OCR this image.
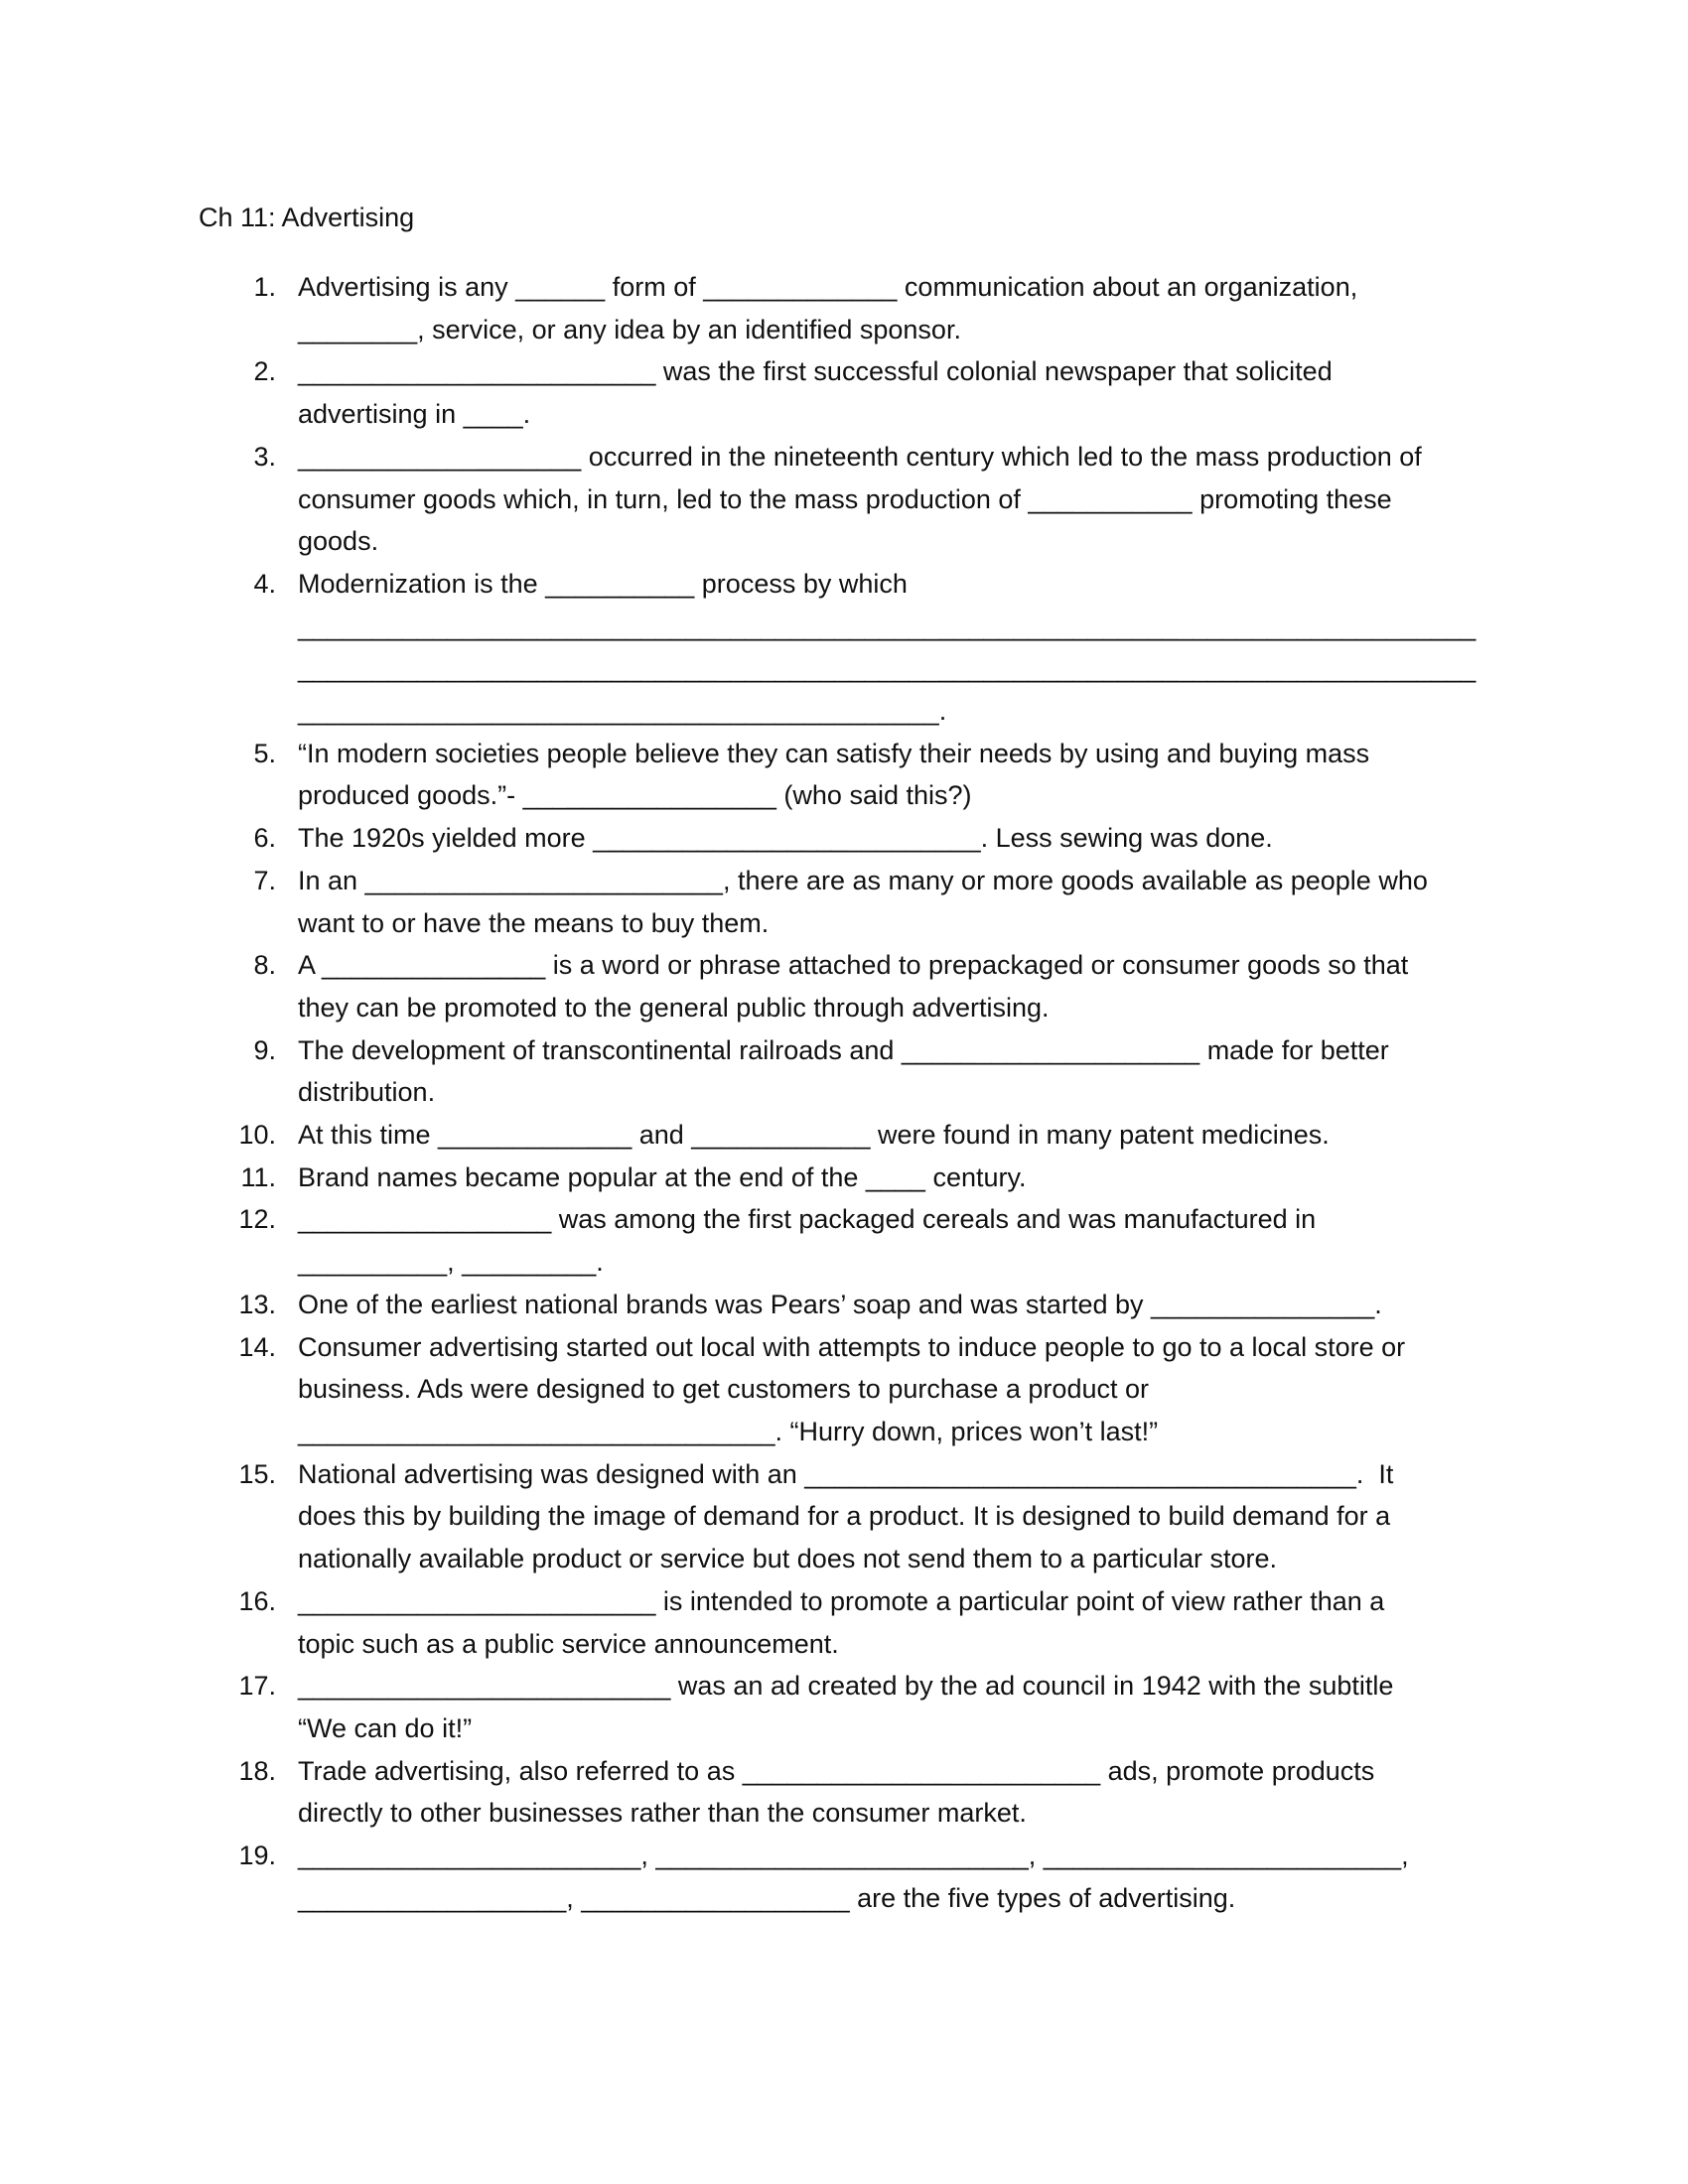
Ch 11: Advertising
1. Advertising is any ______ form of _____________ communication about an organization,
________, service, or any idea by an identified sponsor.
2. ________________________ was the first successful colonial newspaper that solicited
advertising in ____.
3. ___________________ occurred in the nineteenth century which led to the mass production of
consumer goods which, in turn, led to the mass production of ___________ promoting these
goods.
4. Modernization is the __________ process by which
_______________________________________________________________________________
_______________________________________________________________________________
___________________________________________.
5. “In modern societies people believe they can satisfy their needs by using and buying mass
produced goods.”- _________________ (who said this?)
6. The 1920s yielded more __________________________. Less sewing was done.
7. In an ________________________, there are as many or more goods available as people who
want to or have the means to buy them.
8. A _______________ is a word or phrase attached to prepackaged or consumer goods so that
they can be promoted to the general public through advertising.
9. The development of transcontinental railroads and ____________________ made for better
distribution.
10. At this time _____________ and ____________ were found in many patent medicines.
11. Brand names became popular at the end of the ____ century.
12. _________________ was among the first packaged cereals and was manufactured in
__________, _________.
13. One of the earliest national brands was Pears’ soap and was started by _______________.
14. Consumer advertising started out local with attempts to induce people to go to a local store or
business. Ads were designed to get customers to purchase a product or
________________________________. “Hurry down, prices won’t last!”
15. National advertising was designed with an _____________________________________.  It
does this by building the image of demand for a product. It is designed to build demand for a
nationally available product or service but does not send them to a particular store.
16. ________________________ is intended to promote a particular point of view rather than a
topic such as a public service announcement.
17. _________________________ was an ad created by the ad council in 1942 with the subtitle
“We can do it!”
18. Trade advertising, also referred to as ________________________ ads, promote products
directly to other businesses rather than the consumer market.
19. _______________________, _________________________, ________________________,
__________________, __________________ are the five types of advertising.
